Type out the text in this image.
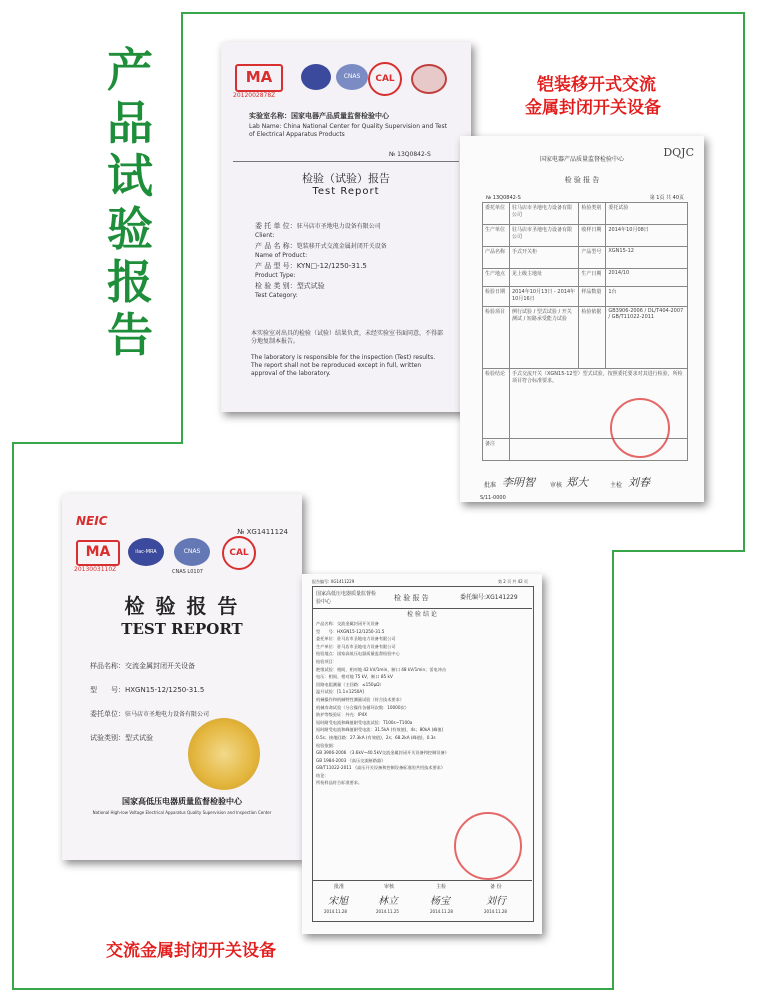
产
品
试
验
报
告
铠装移开式交流
金属封闭开关设备
MA
2012002878Z
CNAS	CAL
实验室名称：国家电器产品质量监督检验中心
Lab Name: China National Center for Quality Supervision and Test of Electrical Apparatus Products
№ 13Q0842-S
检验（试验）报告
Test Report
委 托 单 位：驻马店市圣地电力设备有限公司
Client:
产 品 名 称：铠装移开式交流金属封闭开关设备
Name of Product:
产 品 型 号：KYN□-12/1250-31.5
Product Type:
检 验 类 别：型式试验
Test Category:
本实验室对出具的检验（试验）结果负责，未经实验室书面同意，不得部分地复制本报告。
The laboratory is responsible for the inspection (Test) results. The report shall not be reproduced except in full, written approval of the laboratory.
DQJC
国家电器产品质量监督检验中心
检 验 报 告
№ 13Q0842-S	第 1页 共 40页
委托单位	驻马店市圣地电力设备有限公司	检验类别	委托试验
生产单位	驻马店市圣地电力设备有限公司	收样日期	2014年10月08日
产品名称	手式开关柜	产品型号	XGN15-12
生产地点	见上级主地址	生产日期	2014/10
检验日期	2014年10月13日 - 2014年10月16日	样品数量	1台
检验项目	例行试验 / 型式试验 / 开关测试 / 短路承受能力试验	检验依据	GB3906-2006 / DL/T404-2007 / GB/T11022-2011
检验结论	手式交流开关（XGN15-12型）型式试验，按照委托要求对其进行检验，所检项目符合标准要求。		
备注			
批准 李明智	审核 郑大	主检 刘春
S/11-0000
NEIC
№ XG1411124
MA
2013003110Z
ilac-MRA	CNAS
CNAS L0107
CAL
检 验 报 告
TEST REPORT
样品名称：交流金属封闭开关设备
型　　号：HXGN15-12/1250-31.5
委托单位：驻马店市圣地电力设备有限公司
试验类别：型式试验
国家高低压电器质量监督检验中心
National High-low Voltage Electrical Apparatus Quality Supervision and Inspection Center
报告编号: XG1411229	第 2 页 共 42 页
国家高低压电器质量监督检验中心	检 验 报 告	委托编号:XG141229
检 验 结 论
产品名称：交流金属封闭开关设备
型　　号：HXGN15-12/1250-31.5
委托单位：驻马店市圣地电力设备有限公司
生产单位：驻马店市圣地电力设备有限公司
检验地点：国家高低压电器质量监督检验中心
检验项目：
绝缘试验：相间、相对地 42 kV/1min，断口 48 kV/1min；雷电冲击
电压：相间、相对地 75 kV，断口 85 kV
回路电阻测量（主回路：≤150μΩ）
温升试验：[1.1×1250A]
机械操作和机械特性测量试验（符合技术要求）
机械寿命试验（分合操作各循环次数：10000次）
防护等级验证：外壳：IP4X
短时耐受电流和峰值耐受电流试验：T100s~T100a
短时耐受电流和峰值耐受电流：31.5kA (有效值)，4s；80kA (峰值)
0.5s；接地回路：27.3kA (有效值)，2s；68.2kA (峰值)，0.3s
检验依据：
GB 3906-2006 《3.6kV~40.5kV交流金属封闭开关设备和控制设备》
GB 1984-2003 《高压交流断路器》
GB/T11022-2011 《高压开关设备和控制设备标准的共用技术要求》
结论：
所检样品符合标准要求。
批准	审核	主检	备 份
宋旭	林立	杨宝	刘行
2014.11.28	2014.11.25	2014.11.28	2014.11.28
交流金属封闭开关设备
